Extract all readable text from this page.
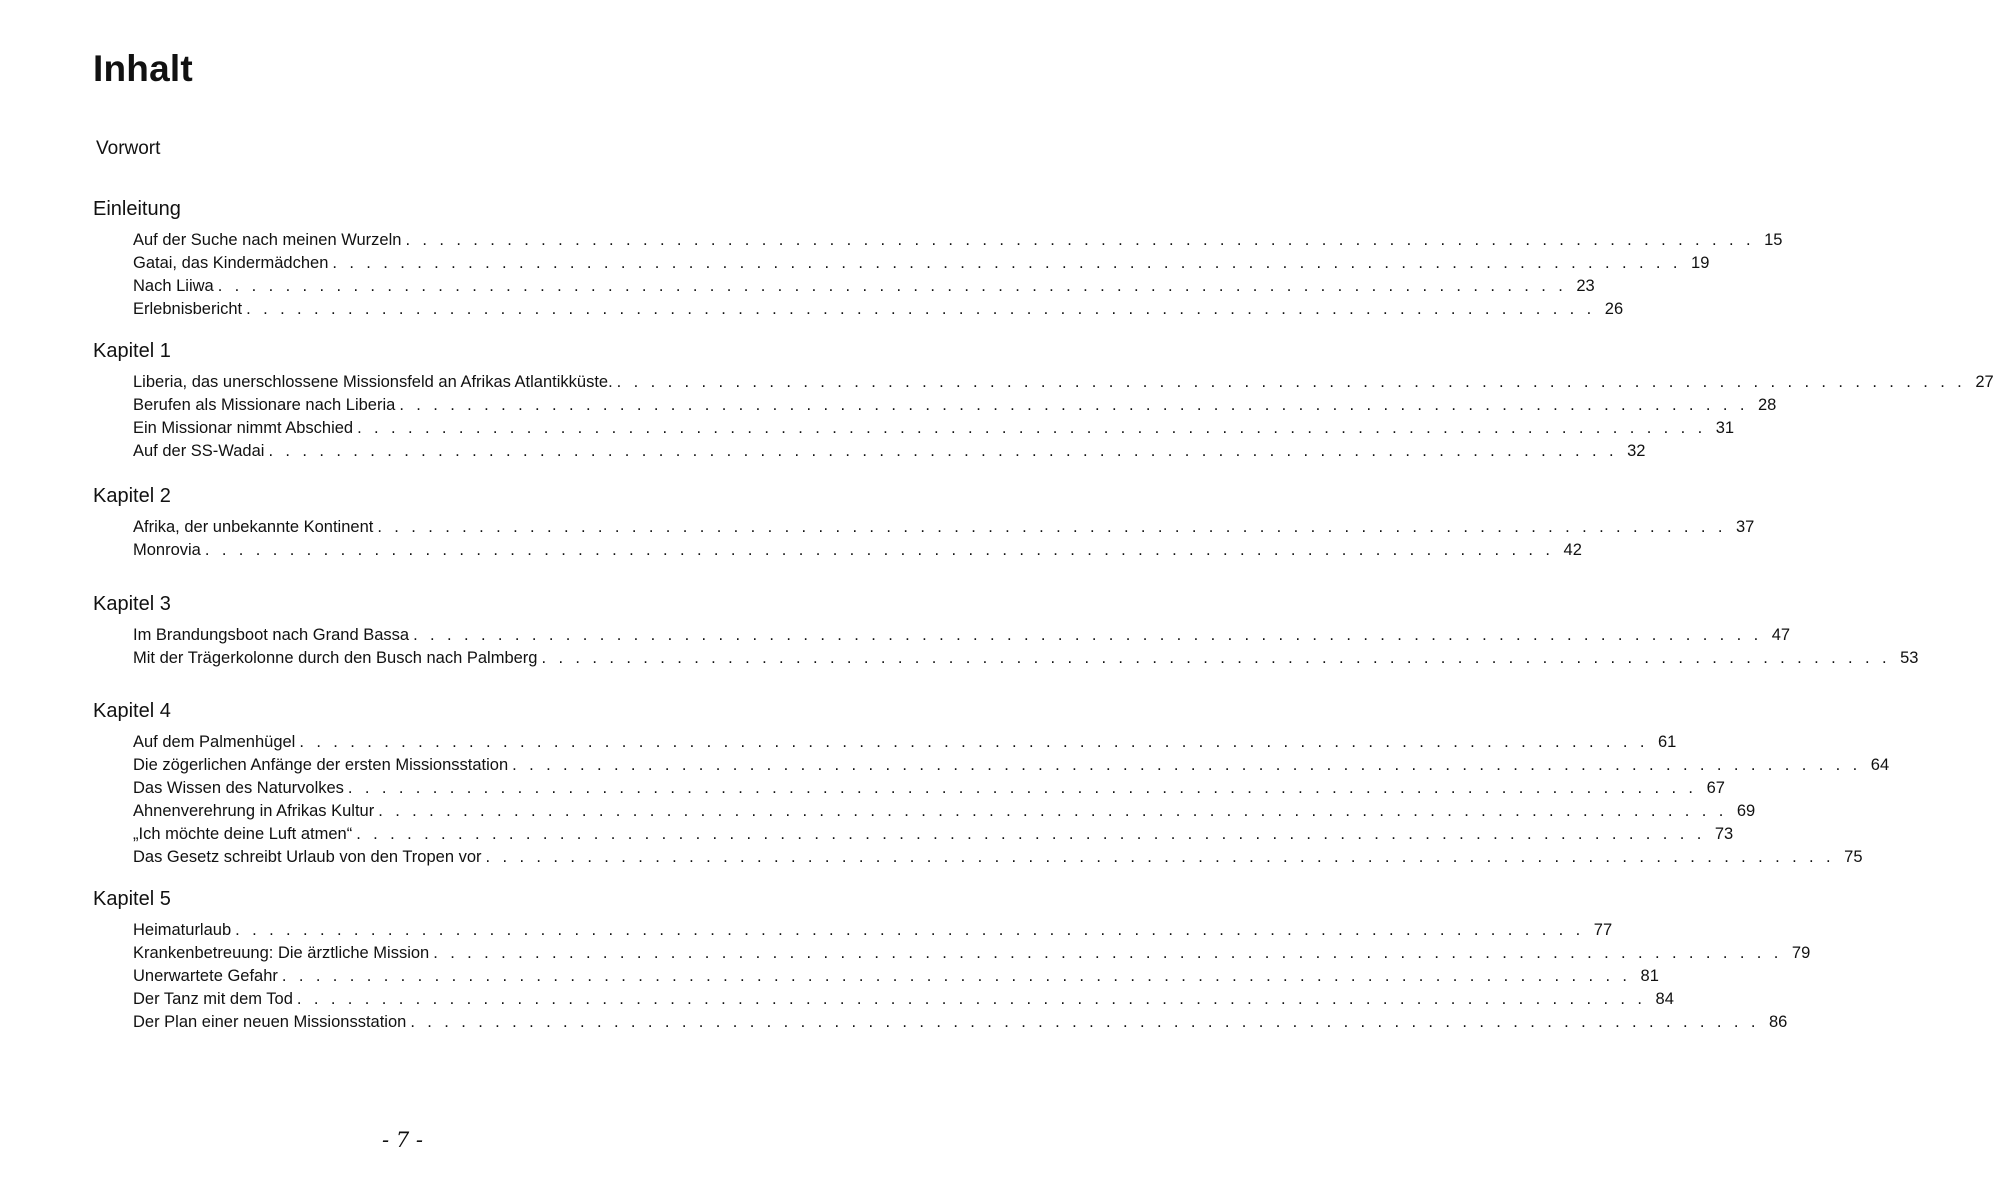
Inhalt
Vorwort
Einleitung
Auf der Suche nach meinen Wurzeln . . . . . . . . . . . . . . . . . . . . . . . . . . . . . . . . . . . . . . . . . . . . . . . . . . . . . . . . . . . . . . . . . . . . . . . . . . . . . . . . 15
Gatai, das Kindermädchen . . . . . . . . . . . . . . . . . . . . . . . . . . . . . . . . . . . . . . . . . . . . . . . . . . . . . . . . . . . . . . . . . . . . . . . . . . . . . . . . 19
Nach Liiwa . . . . . . . . . . . . . . . . . . . . . . . . . . . . . . . . . . . . . . . . . . . . . . . . . . . . . . . . . . . . . . . . . . . . . . . . . . . . . . . . 23
Erlebnisbericht . . . . . . . . . . . . . . . . . . . . . . . . . . . . . . . . . . . . . . . . . . . . . . . . . . . . . . . . . . . . . . . . . . . . . . . . . . . . . . . . 26
Kapitel 1
Liberia, das unerschlossene Missionsfeld an Afrikas Atlantikküste. . . . . . . . . . . . . . . . . . . . . . . . . . . . . . . . . . . . . . . . . . . . . . . . . . . . . . . . . . . . . . . . . . . . . . . . . . . . . . . . . 27
Berufen als Missionare nach Liberia . . . . . . . . . . . . . . . . . . . . . . . . . . . . . . . . . . . . . . . . . . . . . . . . . . . . . . . . . . . . . . . . . . . . . . . . . . . . . . . . 28
Ein Missionar nimmt Abschied . . . . . . . . . . . . . . . . . . . . . . . . . . . . . . . . . . . . . . . . . . . . . . . . . . . . . . . . . . . . . . . . . . . . . . . . . . . . . . . . 31
Auf der SS-Wadai . . . . . . . . . . . . . . . . . . . . . . . . . . . . . . . . . . . . . . . . . . . . . . . . . . . . . . . . . . . . . . . . . . . . . . . . . . . . . . . . 32
Kapitel 2
Afrika, der unbekannte Kontinent . . . . . . . . . . . . . . . . . . . . . . . . . . . . . . . . . . . . . . . . . . . . . . . . . . . . . . . . . . . . . . . . . . . . . . . . . . . . . . . . 37
Monrovia . . . . . . . . . . . . . . . . . . . . . . . . . . . . . . . . . . . . . . . . . . . . . . . . . . . . . . . . . . . . . . . . . . . . . . . . . . . . . . . . 42
Kapitel 3
Im Brandungsboot nach Grand Bassa . . . . . . . . . . . . . . . . . . . . . . . . . . . . . . . . . . . . . . . . . . . . . . . . . . . . . . . . . . . . . . . . . . . . . . . . . . . . . . . . 47
Mit der Trägerkolonne durch den Busch nach Palmberg . . . . . . . . . . . . . . . . . . . . . . . . . . . . . . . . . . . . . . . . . . . . . . . . . . . . . . . . . . . . . . . . . . . . . . . . . . . . . . . . 53
Kapitel 4
Auf dem Palmenhügel . . . . . . . . . . . . . . . . . . . . . . . . . . . . . . . . . . . . . . . . . . . . . . . . . . . . . . . . . . . . . . . . . . . . . . . . . . . . . . . . 61
Die zögerlichen Anfänge der ersten Missionsstation . . . . . . . . . . . . . . . . . . . . . . . . . . . . . . . . . . . . . . . . . . . . . . . . . . . . . . . . . . . . . . . . . . . . . . . . . . . . . . . . 64
Das Wissen des Naturvolkes . . . . . . . . . . . . . . . . . . . . . . . . . . . . . . . . . . . . . . . . . . . . . . . . . . . . . . . . . . . . . . . . . . . . . . . . . . . . . . . . 67
Ahnenverehrung in Afrikas Kultur . . . . . . . . . . . . . . . . . . . . . . . . . . . . . . . . . . . . . . . . . . . . . . . . . . . . . . . . . . . . . . . . . . . . . . . . . . . . . . . . 69
„Ich möchte deine Luft atmen“ . . . . . . . . . . . . . . . . . . . . . . . . . . . . . . . . . . . . . . . . . . . . . . . . . . . . . . . . . . . . . . . . . . . . . . . . . . . . . . . . 73
Das Gesetz schreibt Urlaub von den Tropen vor . . . . . . . . . . . . . . . . . . . . . . . . . . . . . . . . . . . . . . . . . . . . . . . . . . . . . . . . . . . . . . . . . . . . . . . . . . . . . . . . 75
Kapitel 5
Heimaturlaub . . . . . . . . . . . . . . . . . . . . . . . . . . . . . . . . . . . . . . . . . . . . . . . . . . . . . . . . . . . . . . . . . . . . . . . . . . . . . . . . 77
Krankenbetreuung: Die ärztliche Mission . . . . . . . . . . . . . . . . . . . . . . . . . . . . . . . . . . . . . . . . . . . . . . . . . . . . . . . . . . . . . . . . . . . . . . . . . . . . . . . . 79
Unerwartete Gefahr . . . . . . . . . . . . . . . . . . . . . . . . . . . . . . . . . . . . . . . . . . . . . . . . . . . . . . . . . . . . . . . . . . . . . . . . . . . . . . . . 81
Der Tanz mit dem Tod . . . . . . . . . . . . . . . . . . . . . . . . . . . . . . . . . . . . . . . . . . . . . . . . . . . . . . . . . . . . . . . . . . . . . . . . . . . . . . . . 84
Der Plan einer neuen Missionsstation . . . . . . . . . . . . . . . . . . . . . . . . . . . . . . . . . . . . . . . . . . . . . . . . . . . . . . . . . . . . . . . . . . . . . . . . . . . . . . . . 86
- 7 -
